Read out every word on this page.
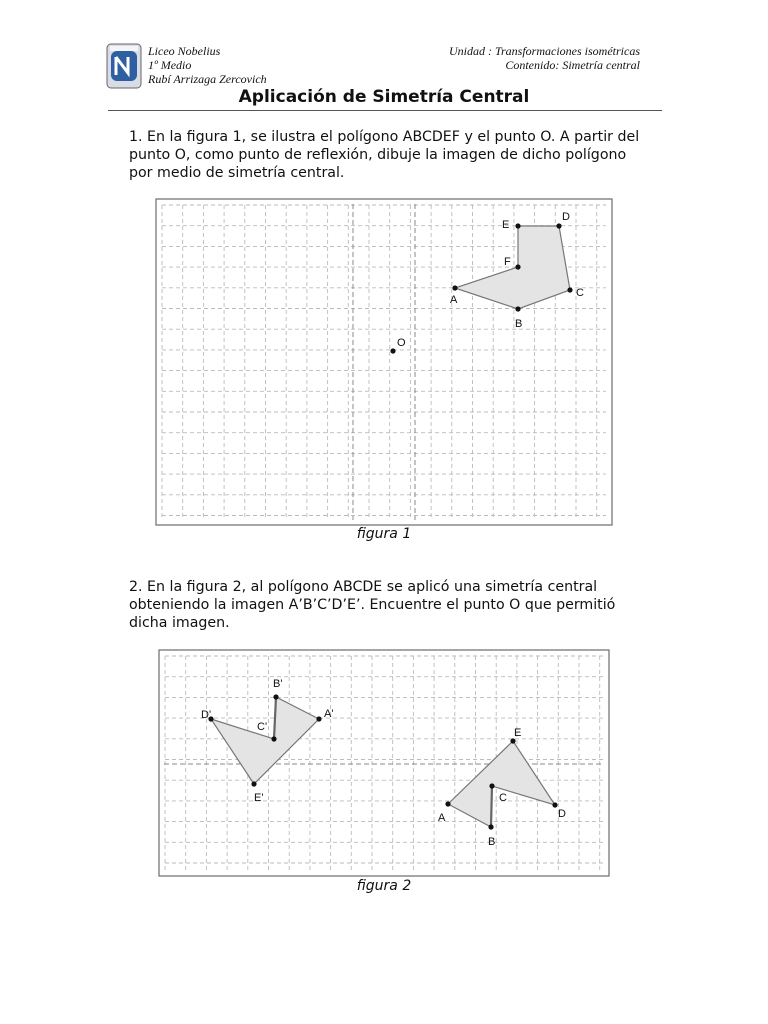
Liceo Nobelius
1º Medio
Rubí Arrizaga Zercovich
Unidad : Transformaciones isométricas
Contenido: Simetría central
Aplicación de Simetría Central
1. En la figura 1, se ilustra el polígono ABCDEF y el punto O. A partir del punto O, como punto de reflexión, dibuje la imagen de dicho polígono por medio de simetría central.
A
B
C
D
E
F
O
figura 1
2. En la figura 2, al polígono ABCDE se aplicó una simetría central obteniendo la imagen A’B’C’D’E’. Encuentre el punto O que permitió dicha imagen.
A
B
C
D
E
A'
B'
C'
D'
E'
figura 2
